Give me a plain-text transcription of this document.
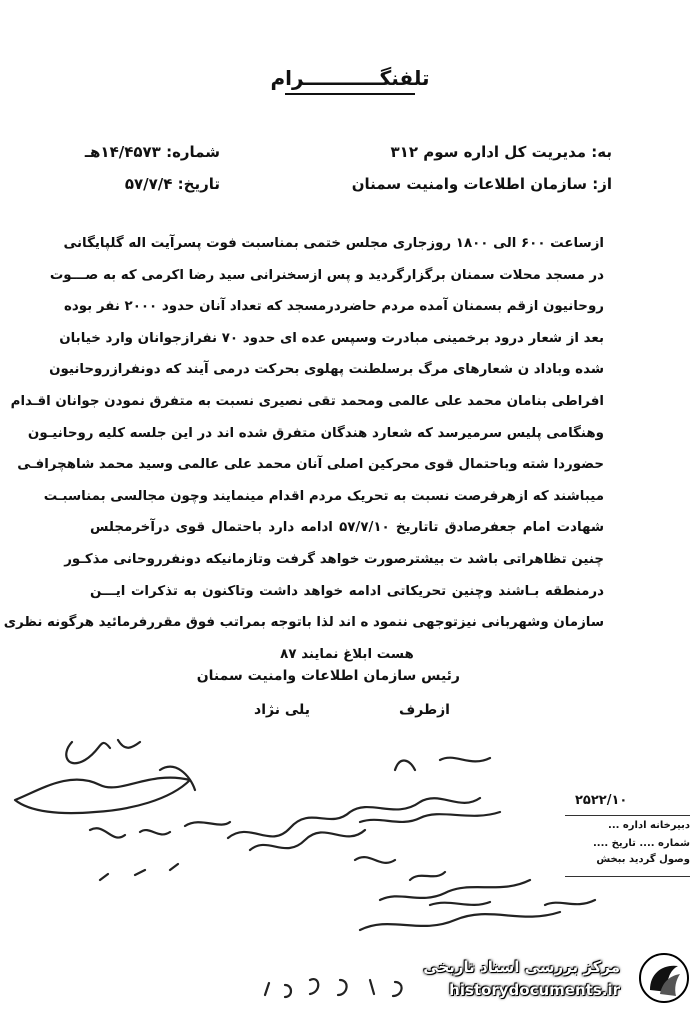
تلفنگـــــــــــرام
به: مدیریت کل اداره سوم ۳۱۲
از: سازمان اطلاعات وامنیت سمنان
شماره: ۱۴/۴۵۷۳هـ
تاریخ: ۵۷/۷/۴

ازساعت ۶۰۰ الی ۱۸۰۰ روزجاری مجلس ختمی بمناسبت فوت پسرآیت اله گلپایگانی

در مسجد محلات سمنان برگزارگردید و پس ازسخنرانی سید رضا اکرمی که به صـــوت

روحانیون ازقم بسمنان آمده مردم حاضردرمسجد که تعداد آنان حدود ۲۰۰۰ نفر بوده

بعد از شعار درود برخمینی مبادرت وسپس عده ای حدود ۷۰ نفرازجوانان وارد خیابان

شده وباداد ن شعارهای مرگ برسلطنت پهلوی بحرکت درمی آیند که دونفرازروحانیون

افراطی بنامان محمد علی عالمی ومحمد تقی نصیری نسبت به متفرق نمودن جوانان اقـدام

وهنگامی پلیس سرمیرسد که شعارد هندگان متفرق شده اند در این جلسه کلیه روحانیـون

حضوردا شته وباحتمال قوی محرکین اصلی آنان محمد علی عالمی وسید محمد شاهچرافـی

میباشند که ازهرفرصت نسبت به تحریک مردم اقدام مینمایند وچون مجالسی بمناسبـت

شهادت امام جعفرصادق تاتاریخ ۵۷/۷/۱۰ ادامه دارد باحتمال قوی درآخرمجلس

چنین تظاهراتی باشد ت بیشترصورت خواهد گرفت وتازمانیکه دونفرروحانی مذکـور

درمنطقه بـاشند وچنین تحریکاتی ادامه خواهد داشت وتاکنون به تذکرات ایـــن

سازمان وشهربانی نیزتوجهی ننمود ه اند لذا باتوجه بمراتب فوق مقررفرمائید هرگونه نظری

هست ابلاغ نمایند ۸۷

رئیس سازمان اطلاعات وامنیت سمنان
ازطرف
یلی نژاد
۲۵۲۲/۱۰
دبیرخانه اداره ...
شماره .... تاریخ ....
وصول گردید ببخش
مرکز بررسی اسناد تاریخی
historydocuments.ir
